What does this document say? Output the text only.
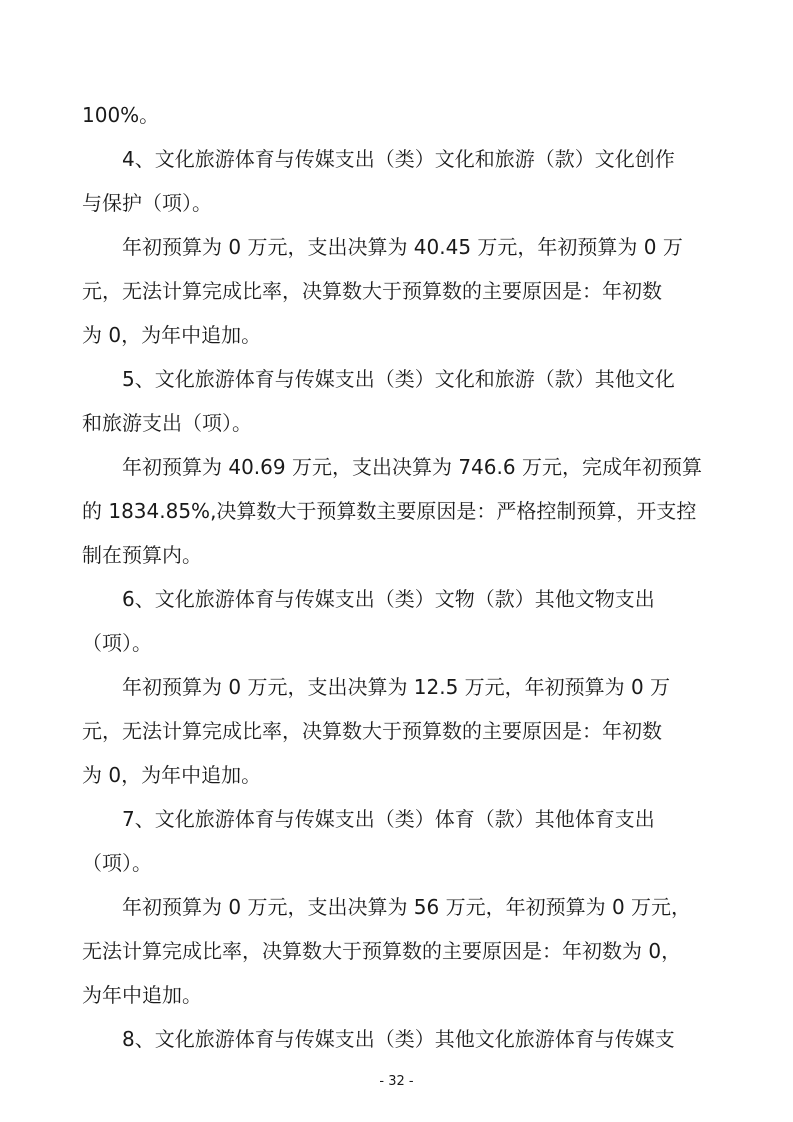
100%。
4、文化旅游体育与传媒支出（类）文化和旅游（款）文化创作
与保护（项）。
年初预算为 0 万元，支出决算为 40.45 万元，年初预算为 0 万
元，无法计算完成比率，决算数大于预算数的主要原因是：年初数
为 0，为年中追加。
5、文化旅游体育与传媒支出（类）文化和旅游（款）其他文化
和旅游支出（项）。
年初预算为 40.69 万元，支出决算为 746.6 万元，完成年初预算
的 1834.85%,决算数大于预算数主要原因是：严格控制预算，开支控
制在预算内。
6、文化旅游体育与传媒支出（类）文物（款）其他文物支出
（项）。
年初预算为 0 万元，支出决算为 12.5 万元，年初预算为 0 万
元，无法计算完成比率，决算数大于预算数的主要原因是：年初数
为 0，为年中追加。
7、文化旅游体育与传媒支出（类）体育（款）其他体育支出
（项）。
年初预算为 0 万元，支出决算为 56 万元，年初预算为 0 万元，
无法计算完成比率，决算数大于预算数的主要原因是：年初数为 0，
为年中追加。
8、文化旅游体育与传媒支出（类）其他文化旅游体育与传媒支
- 32 -
